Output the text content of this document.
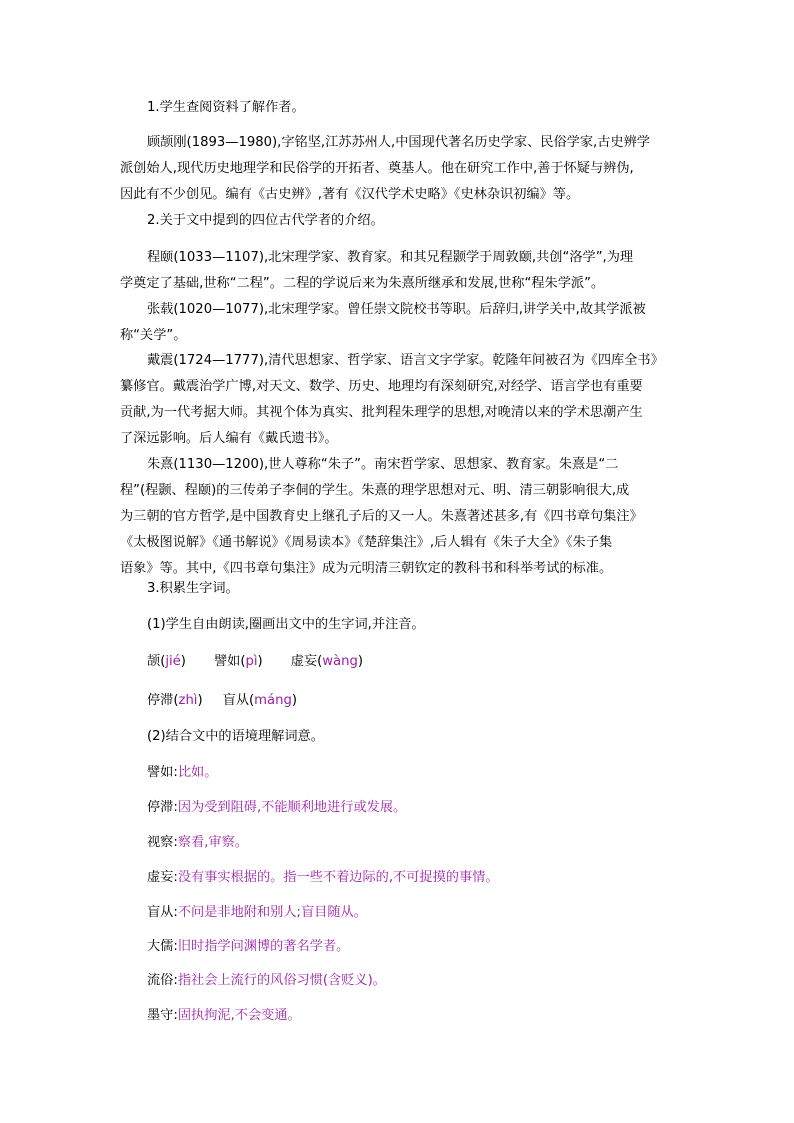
1.学生查阅资料了解作者。

顾颉刚(1893—1980),字铭坚,江苏苏州人,中国现代著名历史学家、民俗学家,古史辨学
派创始人,现代历史地理学和民俗学的开拓者、奠基人。他在研究工作中,善于怀疑与辨伪,
因此有不少创见。编有《古史辨》,著有《汉代学术史略》《史林杂识初编》等。

2.关于文中提到的四位古代学者的介绍。

程颐(1033—1107),北宋理学家、教育家。和其兄程颢学于周敦颐,共创“洛学”,为理
学奠定了基础,世称“二程”。二程的学说后来为朱熹所继承和发展,世称“程朱学派”。

张载(1020—1077),北宋理学家。曾任崇文院校书等职。后辞归,讲学关中,故其学派被
称“关学”。

戴震(1724—1777),清代思想家、哲学家、语言文字学家。乾隆年间被召为《四库全书》
纂修官。戴震治学广博,对天文、数学、历史、地理均有深刻研究,对经学、语言学也有重要
贡献,为一代考据大师。其视个体为真实、批判程朱理学的思想,对晚清以来的学术思潮产生
了深远影响。后人编有《戴氏遗书》。

朱熹(1130—1200),世人尊称“朱子”。南宋哲学家、思想家、教育家。朱熹是“二
程”(程颢、程颐)的三传弟子李侗的学生。朱熹的理学思想对元、明、清三朝影响很大,成
为三朝的官方哲学,是中国教育史上继孔子后的又一人。朱熹著述甚多,有《四书章句集注》
《太极图说解》《通书解说》《周易读本》《楚辞集注》,后人辑有《朱子大全》《朱子集
语象》等。其中,《四书章句集注》成为元明清三朝钦定的教科书和科举考试的标准。

3.积累生字词。

(1)学生自由朗读,圈画出文中的生字词,并注音。

颉(jié) 譬如(pì) 虚妄(wàng)

停滞(zhì) 盲从(máng)

(2)结合文中的语境理解词意。

譬如:比如。

停滞:因为受到阻碍,不能顺利地进行或发展。

视察:察看,审察。

虚妄:没有事实根据的。指一些不着边际的,不可捉摸的事情。

盲从:不问是非地附和别人;盲目随从。

大儒:旧时指学问渊博的著名学者。

流俗:指社会上流行的风俗习惯(含贬义)。

墨守:固执拘泥,不会变通。
